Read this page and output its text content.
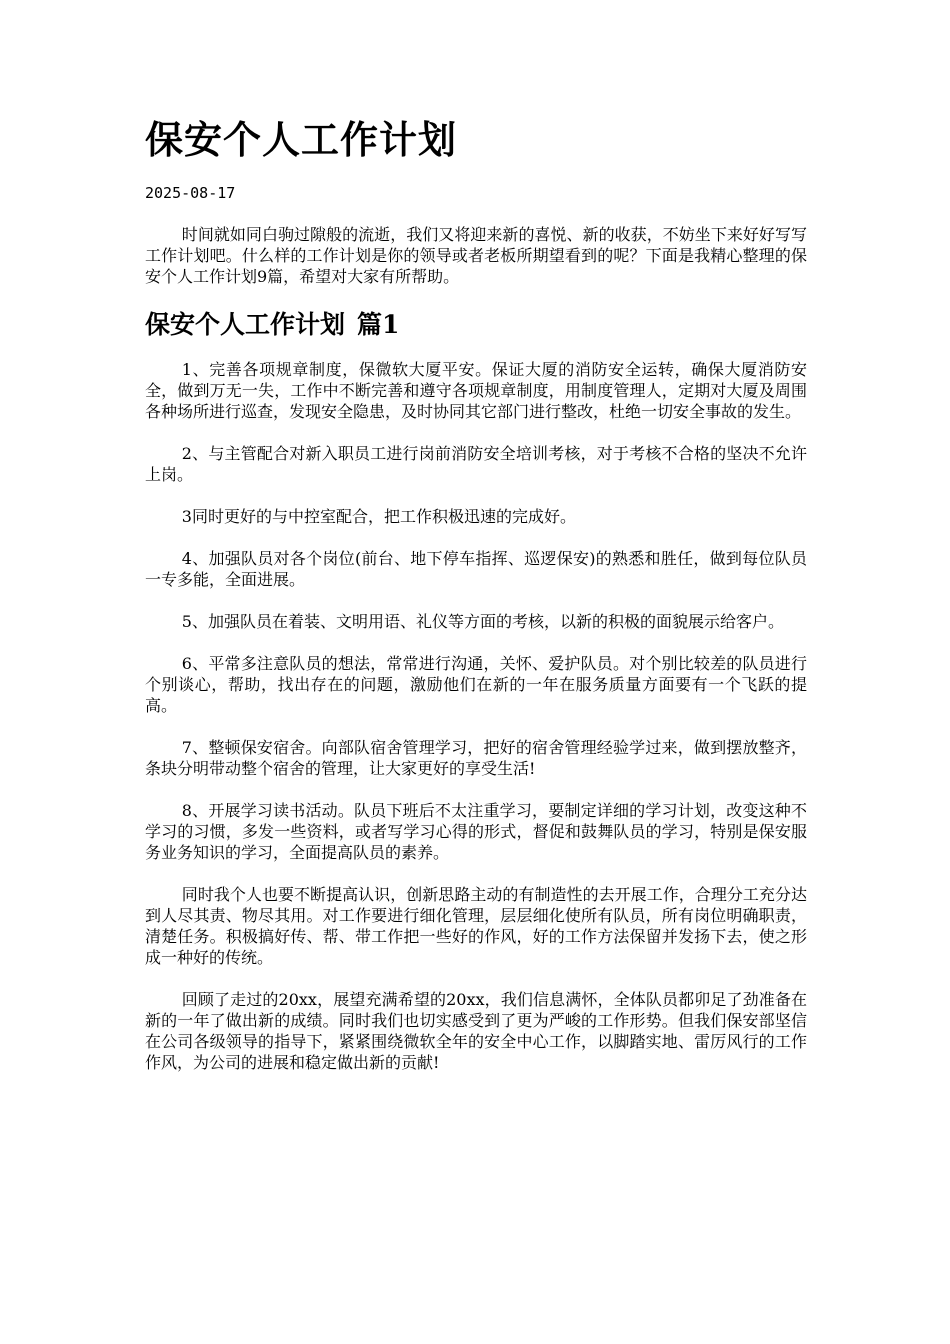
保安个人工作计划
2025-08-17

时间就如同白驹过隙般的流逝，我们又将迎来新的喜悦、新的收获，不妨坐下来好好写写工作计划吧。什么样的工作计划是你的领导或者老板所期望看到的呢？下面是我精心整理的保安个人工作计划9篇，希望对大家有所帮助。

保安个人工作计划 篇1

1、完善各项规章制度，保微软大厦平安。保证大厦的消防安全运转，确保大厦消防安全，做到万无一失，工作中不断完善和遵守各项规章制度，用制度管理人，定期对大厦及周围各种场所进行巡查，发现安全隐患，及时协同其它部门进行整改，杜绝一切安全事故的发生。

2、与主管配合对新入职员工进行岗前消防安全培训考核，对于考核不合格的坚决不允许上岗。

3同时更好的与中控室配合，把工作积极迅速的完成好。

4、加强队员对各个岗位(前台、地下停车指挥、巡逻保安)的熟悉和胜任，做到每位队员一专多能，全面进展。

5、加强队员在着装、文明用语、礼仪等方面的考核，以新的积极的面貌展示给客户。

6、平常多注意队员的想法，常常进行沟通，关怀、爱护队员。对个别比较差的队员进行个别谈心，帮助，找出存在的问题，激励他们在新的一年在服务质量方面要有一个飞跃的提高。

7、整顿保安宿舍。向部队宿舍管理学习，把好的宿舍管理经验学过来，做到摆放整齐，条块分明带动整个宿舍的管理，让大家更好的享受生活!

8、开展学习读书活动。队员下班后不太注重学习，要制定详细的学习计划，改变这种不学习的习惯，多发一些资料，或者写学习心得的形式，督促和鼓舞队员的学习，特别是保安服务业务知识的学习，全面提高队员的素养。

同时我个人也要不断提高认识，创新思路主动的有制造性的去开展工作，合理分工充分达到人尽其责、物尽其用。对工作要进行细化管理，层层细化使所有队员，所有岗位明确职责，清楚任务。积极搞好传、帮、带工作把一些好的作风，好的工作方法保留并发扬下去，使之形成一种好的传统。

回顾了走过的20xx，展望充满希望的20xx，我们信息满怀，全体队员都卯足了劲准备在新的一年了做出新的成绩。同时我们也切实感受到了更为严峻的工作形势。但我们保安部坚信在公司各级领导的指导下，紧紧围绕微软全年的安全中心工作，以脚踏实地、雷厉风行的工作作风，为公司的进展和稳定做出新的贡献!
